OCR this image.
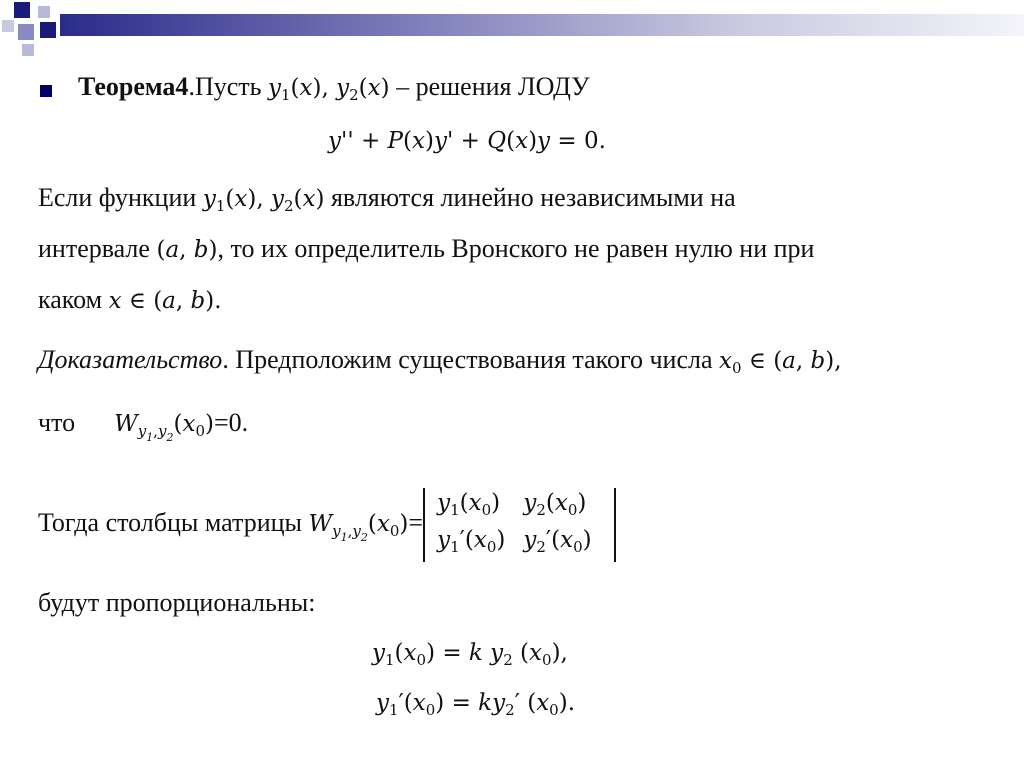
Теорема4.Пусть $y_1(x)$, $y_2(x)$ – решения ЛОДУ
y'' + P(x)y' + Q(x)y = 0.
Если функции $y_1(x)$, $y_2(x)$ являются линейно независимыми на
интервале (a, b), то их определитель Вронского не равен нулю ни при
каком x ∈ (a, b).
Доказательство. Предположим существования такого числа $x_0$ ∈ (a, b),
что $W_{y_1,y_2}(x_0)=0$.
Тогда столбцы матрицы $W_{y_1,y_2}(x_0)=$
$y_1(x_0)$	$y_2(x_0)$
$y_1'(x_0)$	$y_2'(x_0)$
будут пропорциональны:
$y_1(x_0) = k$ $y_2$ $(x_0)$,
$y_1'(x_0) = ky_2'$ $(x_0)$.
